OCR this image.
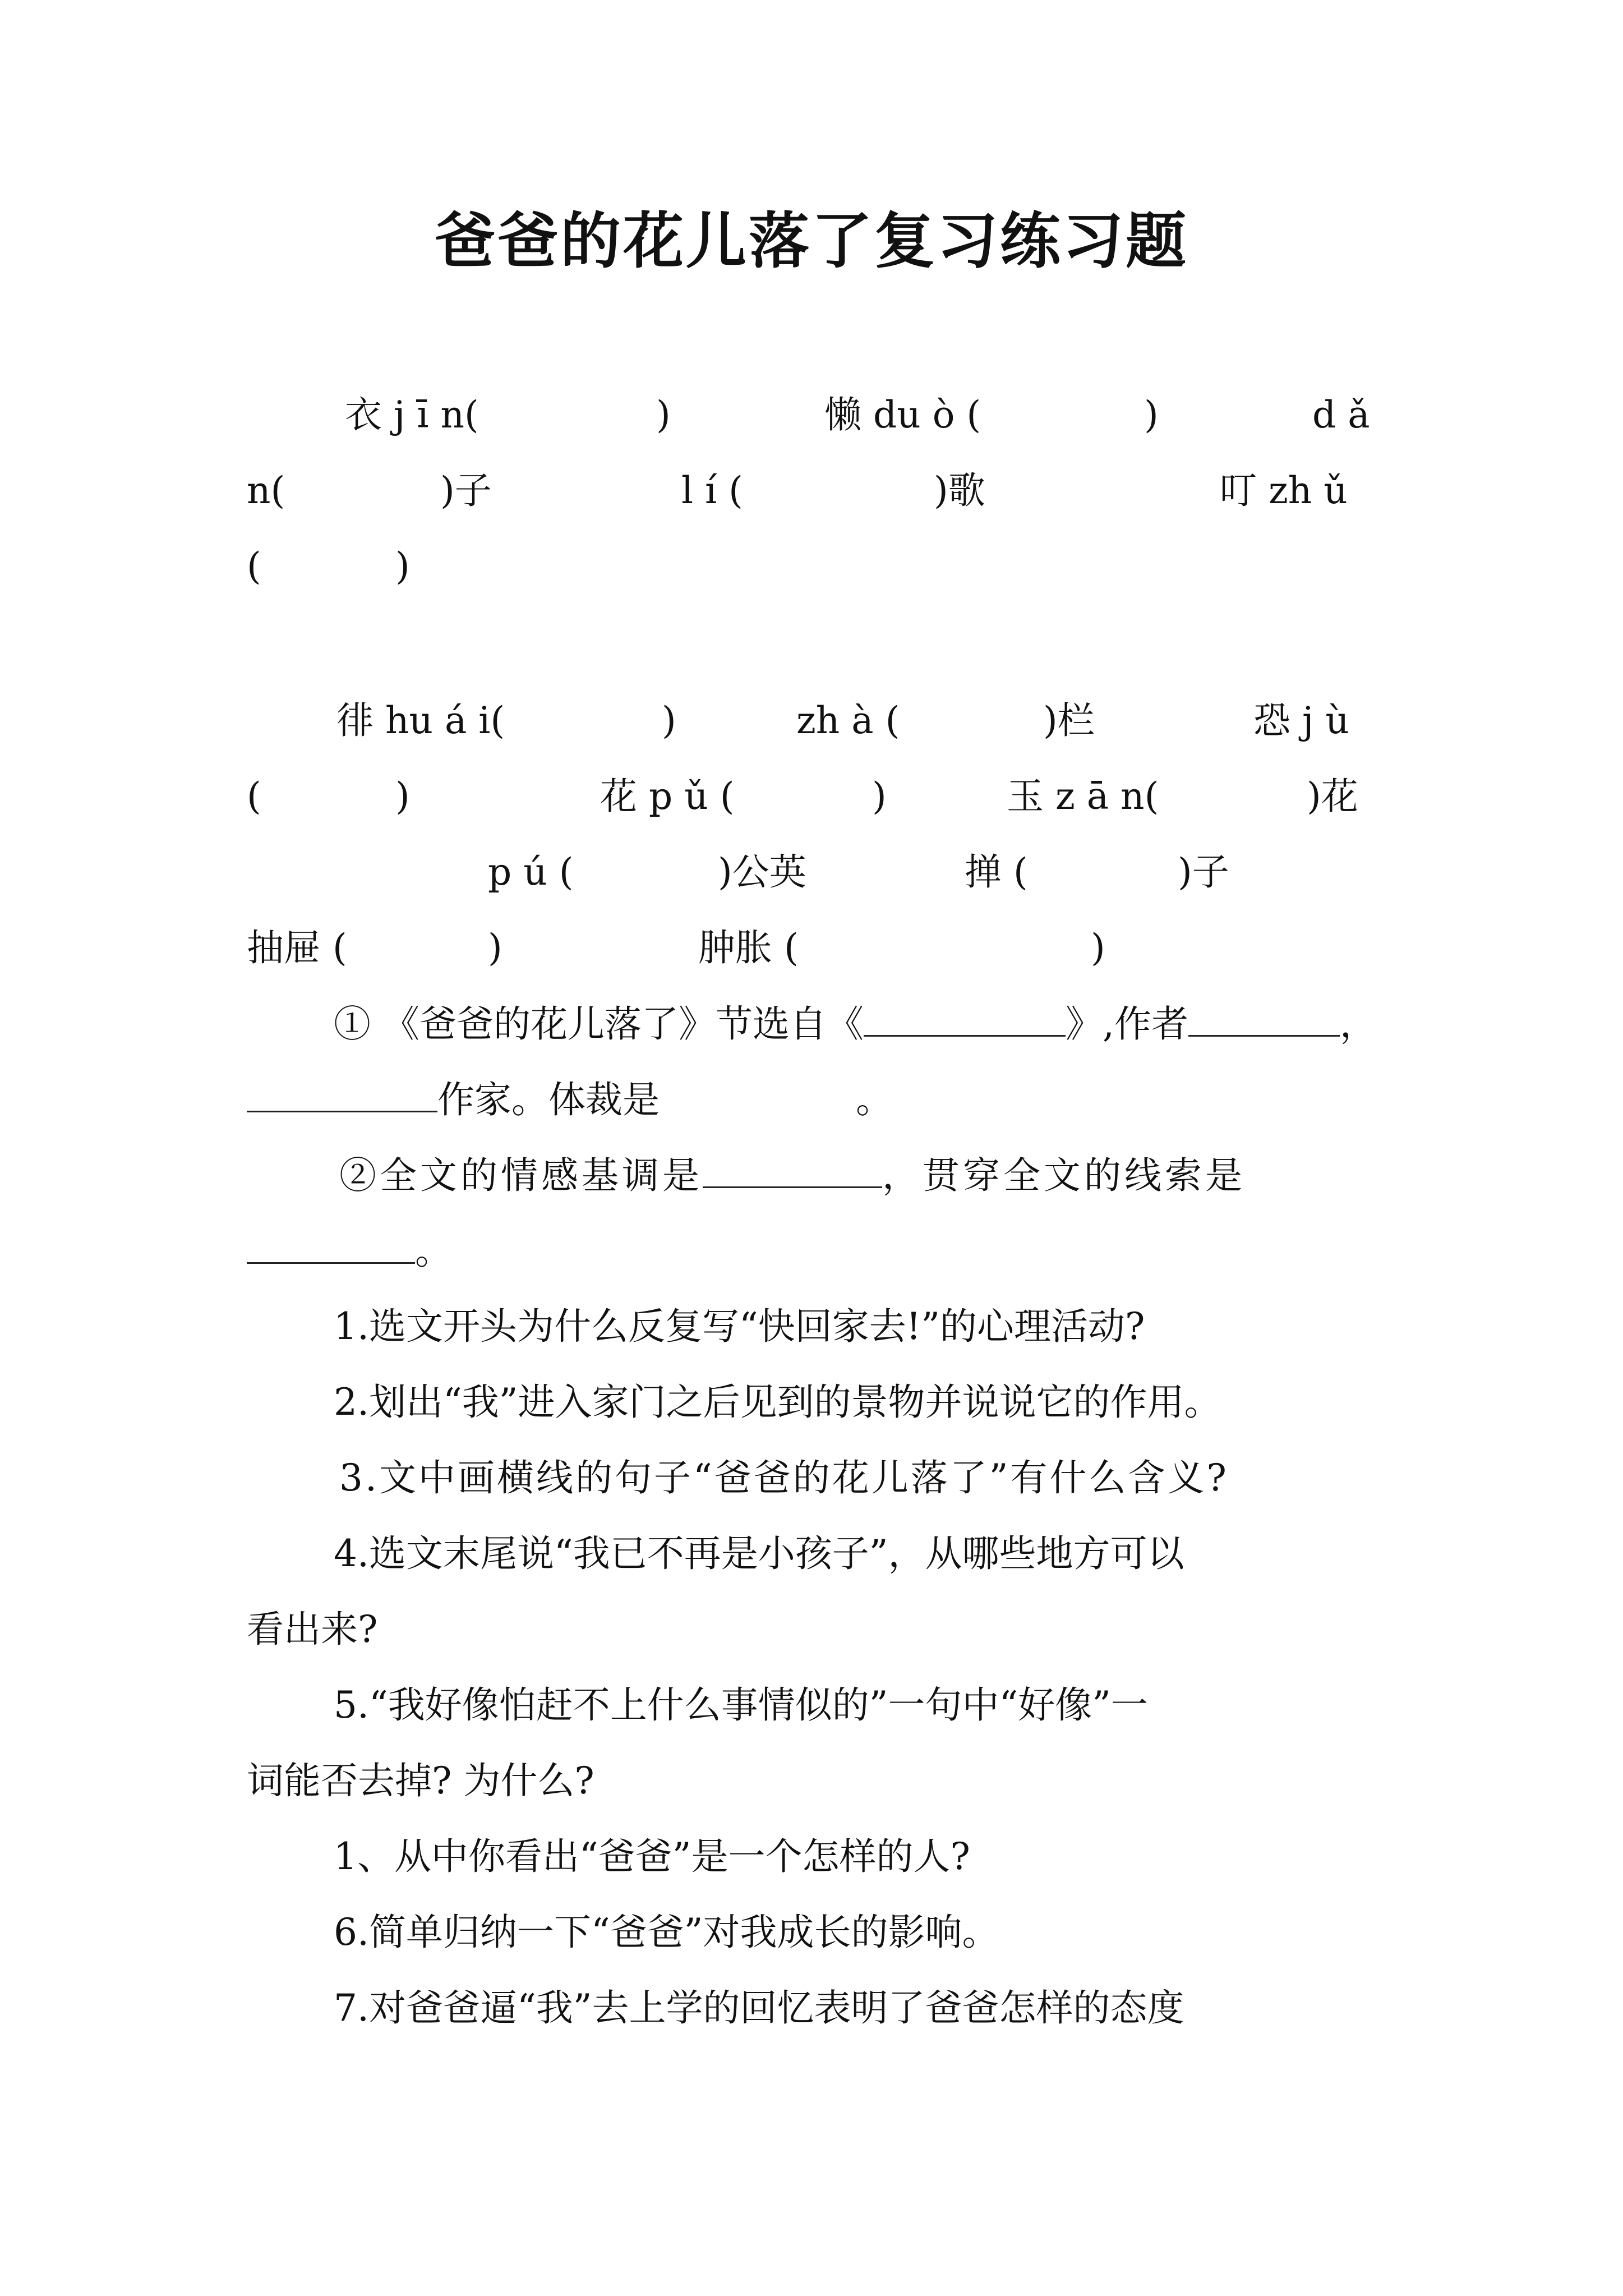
爸爸的花儿落了复习练习题
衣 j ī n(	)	懒 du ò (	)	d ǎ
n(	)子	l í (	)歌	叮 zh ǔ
(	)
徘 hu á i(	)	zh à (	)栏	恐 j ù
(	)	花 p ǔ (	)	玉 z ā n(	)花
p ú (	)公英	掸 (	)子
抽屉 (	)	肿胀 (	)
① 《爸爸的花儿落了》节选自《	》,作者	，
作家。体裁是	。
②全文的情感基调是	，贯穿全文的线索是
。
1.选文开头为什么反复写“快回家去!”的心理活动?
2.划出“我”进入家门之后见到的景物并说说它的作用。
3.文中画横线的句子“爸爸的花儿落了”有什么含义?
4.选文末尾说“我已不再是小孩子”，从哪些地方可以
看出来?
5.“我好像怕赶不上什么事情似的”一句中“好像”一
词能否去掉? 为什么?
1、从中你看出“爸爸”是一个怎样的人?
6.简单归纳一下“爸爸”对我成长的影响。
7.对爸爸逼“我”去上学的回忆表明了爸爸怎样的态度
